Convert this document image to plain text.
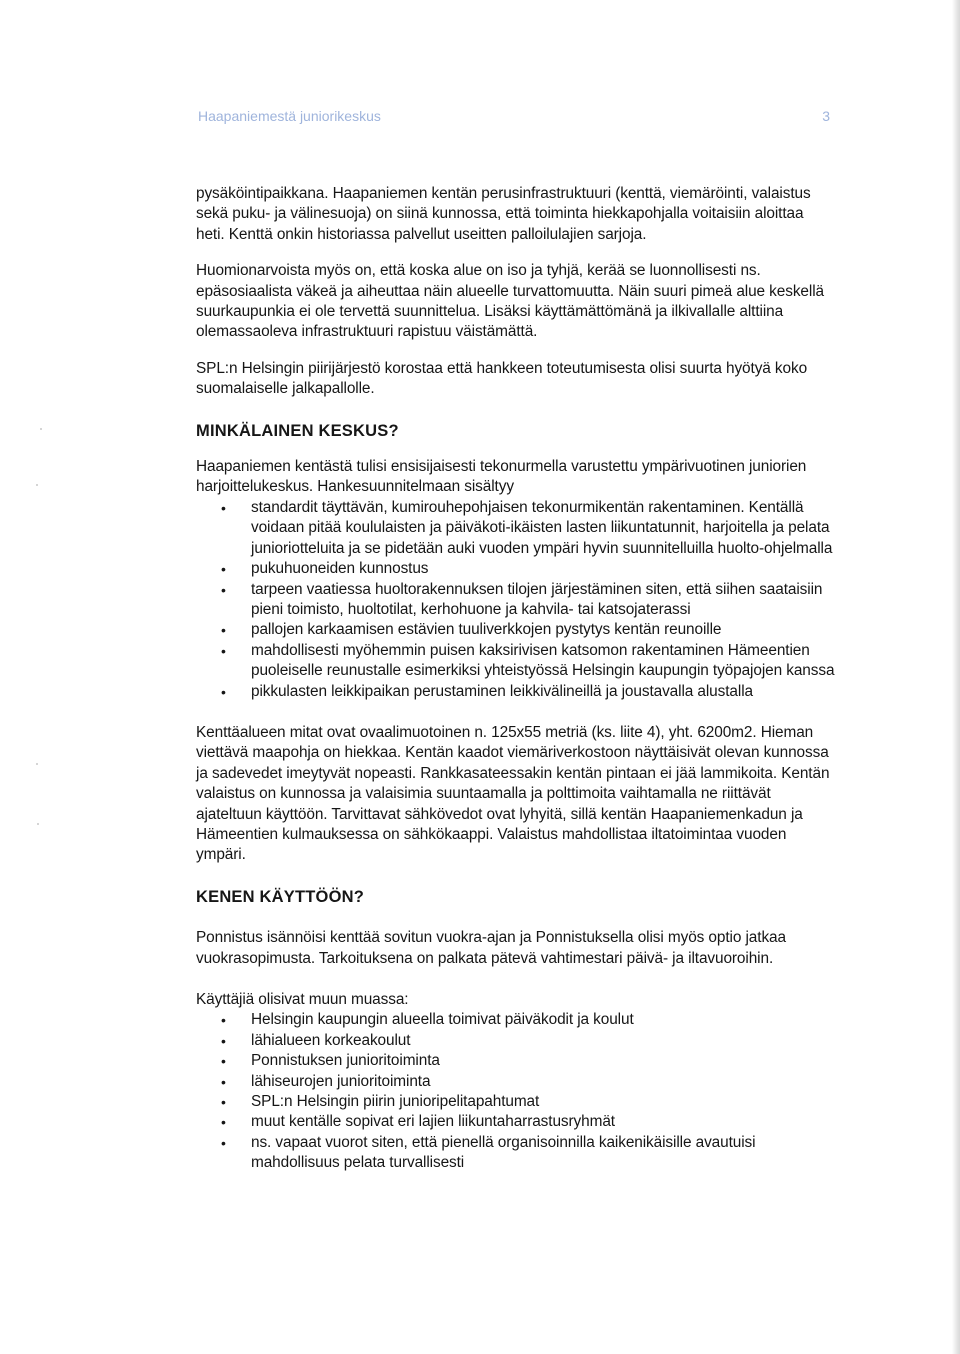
Haapaniemestä juniorikeskus	3

pysäköintipaikkana. Haapaniemen kentän perusinfrastruktuuri (kenttä, viemäröinti, valaistus sekä puku- ja välinesuoja) on siinä kunnossa, että toiminta hiekkapohjalla voitaisiin aloittaa heti. Kenttä onkin historiassa palvellut useitten palloilulajien sarjoja.

Huomionarvoista myös on, että koska alue on iso ja tyhjä, kerää se luonnollisesti ns. epäsosiaalista väkeä ja aiheuttaa näin alueelle turvattomuutta. Näin suuri pimeä alue keskellä suurkaupunkia ei ole tervettä suunnittelua. Lisäksi käyttämättömänä ja ilkivallalle alttiina olemassaoleva infrastruktuuri rapistuu väistämättä.

SPL:n Helsingin piirijärjestö korostaa että hankkeen toteutumisesta olisi suurta hyötyä koko suomalaiselle jalkapallolle.

MINKÄLAINEN KESKUS?

Haapaniemen kentästä tulisi ensisijaisesti tekonurmella varustettu ympärivuotinen juniorien harjoittelukeskus. Hankesuunnitelmaan sisältyy

• standardit täyttävän, kumirouhepohjaisen tekonurmikentän rakentaminen. Kentällä voidaan pitää koululaisten ja päiväkoti-ikäisten lasten liikuntatunnit, harjoitella ja pelata junioriotteluita ja se pidetään auki vuoden ympäri hyvin suunnitelluilla huolto-ohjelmalla
• pukuhuoneiden kunnostus
• tarpeen vaatiessa huoltorakennuksen tilojen järjestäminen siten, että siihen saataisiin pieni toimisto, huoltotilat, kerhohuone ja kahvila- tai katsojaterassi
• pallojen karkaamisen estävien tuuliverkkojen pystytys kentän reunoille
• mahdollisesti myöhemmin puisen kaksirivisen katsomon rakentaminen Hämeentien puoleiselle reunustalle esimerkiksi yhteistyössä Helsingin kaupungin työpajojen kanssa
• pikkulasten leikkipaikan perustaminen leikkivälineillä ja joustavalla alustalla

Kenttäalueen mitat ovat ovaalimuotoinen n. 125x55 metriä (ks. liite 4), yht. 6200m2. Hieman viettävä maapohja on hiekkaa. Kentän kaadot viemäriverkostoon näyttäisivät olevan kunnossa ja sadevedet imeytyvät nopeasti. Rankkasateessakin kentän pintaan ei jää lammikoita. Kentän valaistus on kunnossa ja valaisimia suuntaamalla ja polttimoita vaihtamalla ne riittävät ajateltuun käyttöön. Tarvittavat sähkövedot ovat lyhyitä, sillä kentän Haapaniemenkadun ja Hämeentien kulmauksessa on sähkökaappi. Valaistus mahdollistaa iltatoimintaa vuoden ympäri.

KENEN KÄYTTÖÖN?

Ponnistus isännöisi kenttää sovitun vuokra-ajan ja Ponnistuksella olisi myös optio jatkaa vuokrasopimusta. Tarkoituksena on palkata pätevä vahtimestari päivä- ja iltavuoroihin.

Käyttäjiä olisivat muun muassa:

• Helsingin kaupungin alueella toimivat päiväkodit ja koulut
• lähialueen korkeakoulut
• Ponnistuksen junioritoiminta
• lähiseurojen junioritoiminta
• SPL:n Helsingin piirin junioripelitapahtumat
• muut kentälle sopivat eri lajien liikuntaharrastusryhmät
• ns. vapaat vuorot siten, että pienellä organisoinnilla kaikenikäisille avautuisi mahdollisuus pelata turvallisesti
